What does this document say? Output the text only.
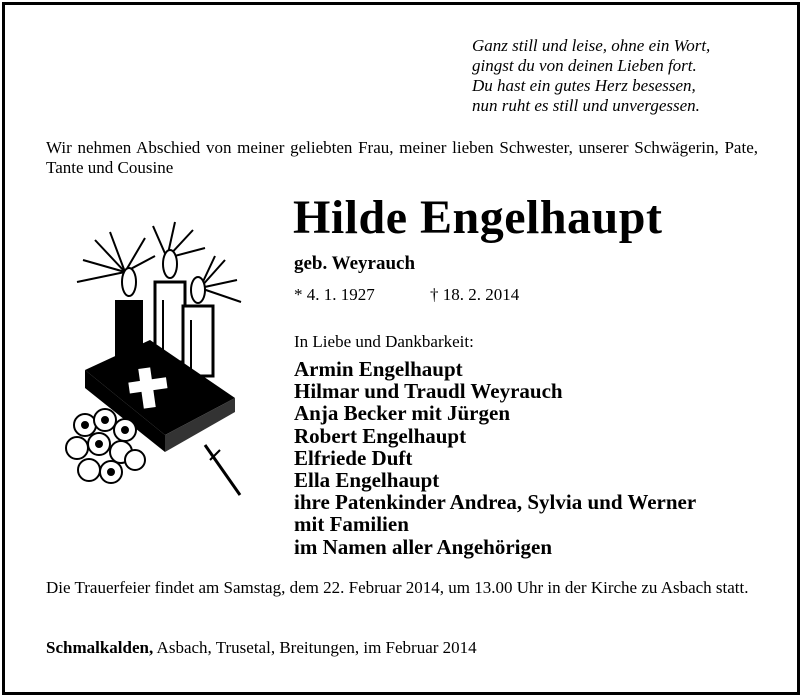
Ganz still und leise, ohne ein Wort,
gingst du von deinen Lieben fort.
Du hast ein gutes Herz besessen,
nun ruht es still und unvergessen.
Wir nehmen Abschied von meiner geliebten Frau, meiner lieben Schwester, unserer Schwägerin, Pate, Tante und Cousine
Hilde Engelhaupt
geb. Weyrauch
* 4. 1. 1927	† 18. 2. 2014
In Liebe und Dankbarkeit:
Armin Engelhaupt
Hilmar und Traudl Weyrauch
Anja Becker mit Jürgen
Robert Engelhaupt
Elfriede Duft
Ella Engelhaupt
ihre Patenkinder Andrea, Sylvia und Werner
mit Familien
im Namen aller Angehörigen
Die Trauerfeier findet am Samstag, dem 22. Februar 2014, um 13.00 Uhr in der Kirche zu Asbach statt.
Schmalkalden, Asbach, Trusetal, Breitungen, im Februar 2014
